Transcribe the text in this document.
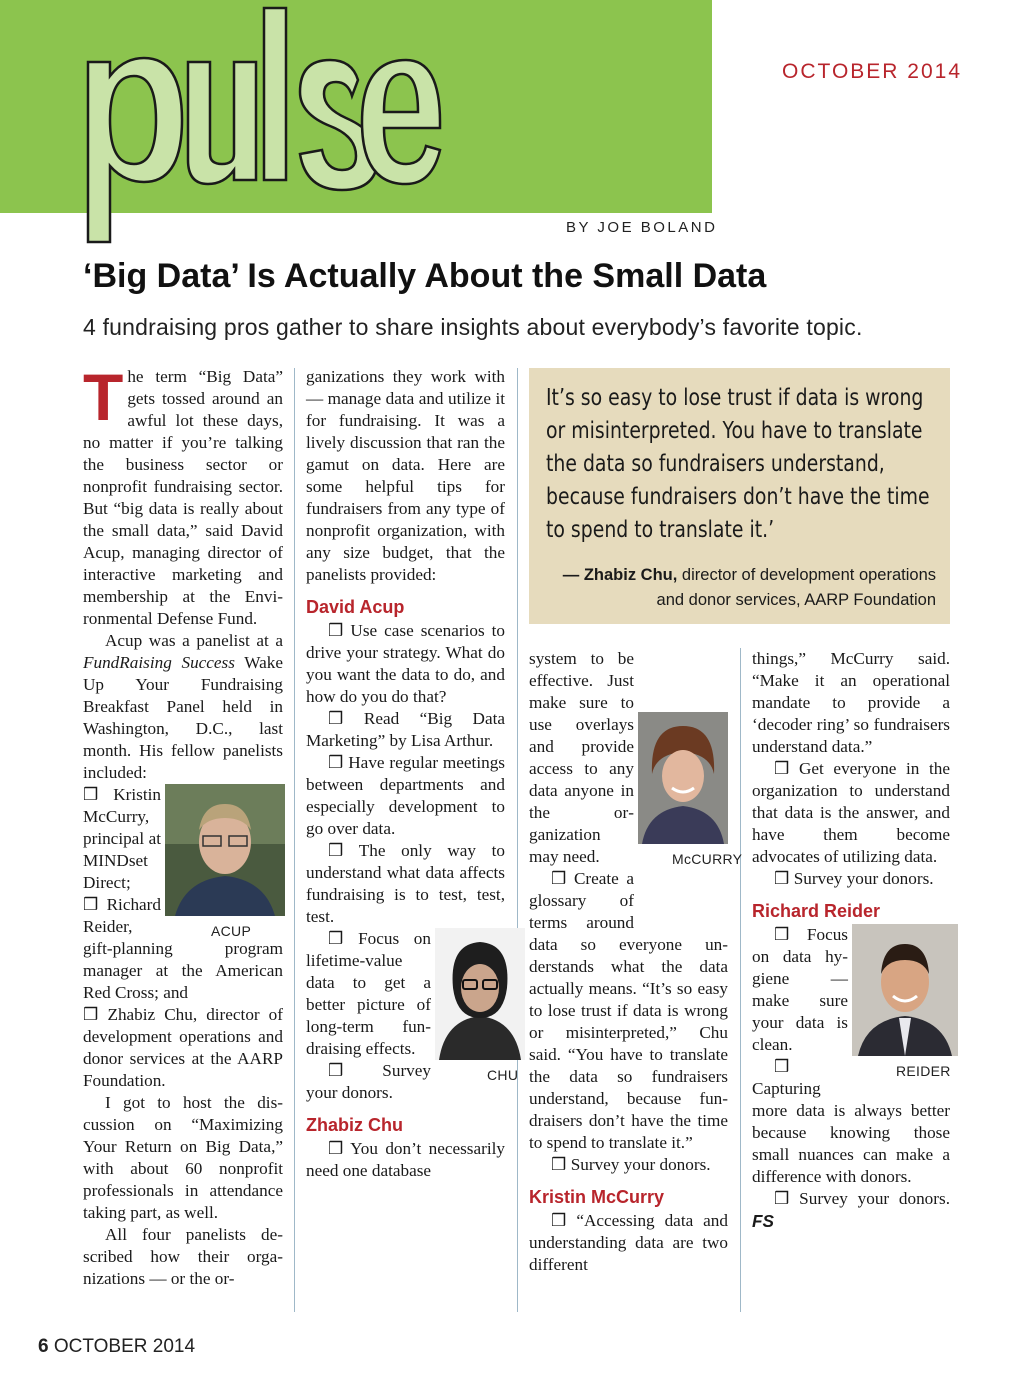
OCTOBER 2014
BY JOE BOLAND
‘Big Data’ Is Actually About the Small Data
4 fundraising pros gather to share insights about everybody’s favorite topic.

The term “Big Data” gets tossed around an awful lot these days, no matter if you’re talking the business sector or nonprofit fundraising sector. But “big data is really about the small data,” said David Acup, managing director of interactive marketing and membership at the Environmental Defense Fund.

Acup was a panelist at a FundRaising Success Wake Up Your Fundraising Breakfast Panel held in Washington, D.C., last month. His fellow panelists included:

ACUP

❒ Kristin McCurry, principal at MINDset Direct;

❒ Richard Reider, gift-planning program manager at the American Red Cross; and

❒ Zhabiz Chu, director of development operations and donor services at the AARP Foundation.

I got to host the discussion on “Maximizing Your Return on Big Data,” with about 60 nonprofit professionals in attendance taking part, as well.

All four panelists described how their organizations — or the or-

ganizations they work with — manage data and utilize it for fundraising. It was a lively discussion that ran the gamut on data. Here are some helpful tips for fundraisers from any type of nonprofit organization, with any size budget, that the panelists provided:

David Acup

❒ Use case scenarios to drive your strategy. What do you want the data to do, and how do you do that?

❒ Read “Big Data Marketing” by Lisa Arthur.

❒ Have regular meetings between departments and especially development to go over data.

❒ The only way to understand what data affects fundraising is to test, test, test.

CHU

❒ Focus on lifetime-value data to get a better picture of long-term fundraising effects.

❒ Survey your donors.

Zhabiz Chu

❒ You don’t necessarily need one database

It’s so easy to lose trust if data is wrong or misinterpreted. You have to translate the data so fundraisers understand, because fundraisers don’t have the time to spend to translate it.’
— Zhabiz Chu, director of development operations and donor services, AARP Foundation
McCURRY

system to be effective. Just make sure to use overlays and provide access to any data anyone in the organization may need.

❒ Create a glossary of terms around data so everyone understands what the data actually means. “It’s so easy to lose trust if data is wrong or misinterpreted,” Chu said. “You have to translate the data so fundraisers understand, because fundraisers don’t have the time to spend to translate it.”

❒ Survey your donors.

Kristin McCurry

❒ “Accessing data and understanding data are two different

things,” McCurry said. “Make it an operational mandate to provide a ‘decoder ring’ so fundraisers understand data.”

❒ Get everyone in the organization to understand that data is the answer, and have them become advocates of utilizing data.

❒ Survey your donors.

Richard Reider
REIDER

❒ Focus on data hygiene — make sure your data is clean.

❒ Capturing more data is always better because knowing those small nuances can make a difference with donors.

❒ Survey your donors. FS

6 OCTOBER 2014
